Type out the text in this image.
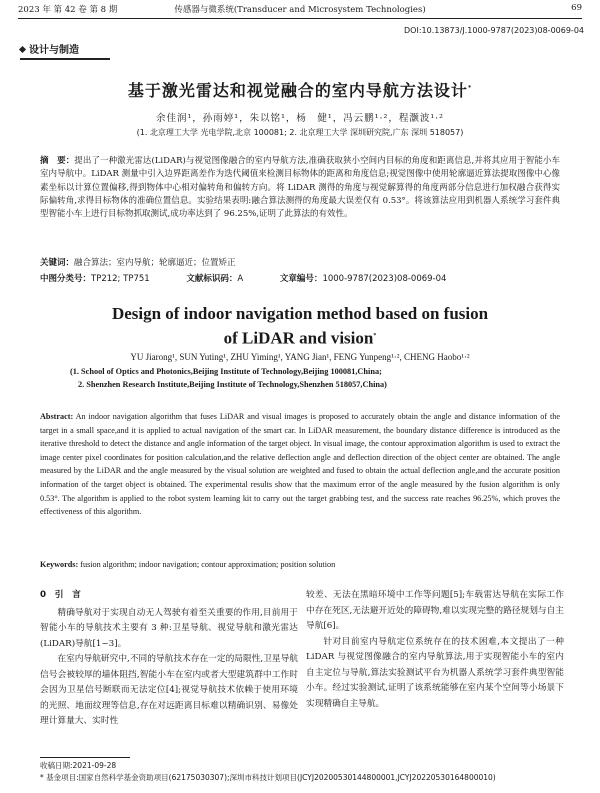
2023 年 第 42 卷 第 8 期	传感器与微系统(Transducer and Microsystem Technologies)	69
DOI:10.13873/J.1000-9787(2023)08-0069-04
设计与制造
基于激光雷达和视觉融合的室内导航方法设计*
余佳润¹，孙雨婷¹，朱以铭¹，杨　健¹，冯云鹏¹·²，程灏波¹·²
(1. 北京理工大学 光电学院,北京 100081; 2. 北京理工大学 深圳研究院,广东 深圳 518057)
摘　要：提出了一种激光雷达(LiDAR)与视觉图像融合的室内导航方法,准确获取狭小空间内目标的角度和距离信息,并将其应用于智能小车室内导航中。LiDAR 测量中引入边界距离差作为迭代阈值来检测目标物体的距离和角度信息;视觉图像中使用轮廓逼近算法提取图像中心像素坐标以计算位置偏移,得到物体中心相对偏转角和偏转方向。将 LiDAR 测得的角度与视觉解算得的角度两部分信息进行加权融合获得实际偏转角,求得目标物体的准确位置信息。实验结果表明:融合算法测得的角度最大误差仅有 0.53°。将该算法应用到机器人系统学习套件典型智能小车上进行目标物抓取测试,成功率达到了 96.25%,证明了此算法的有效性。
关键词：融合算法；室内导航；轮廓逼近；位置矫正
中图分类号：TP212; TP751	文献标识码：A	文章编号：1000-9787(2023)08-0069-04
Design of indoor navigation method based on fusion
of LiDAR and vision*
YU Jiarong¹, SUN Yuting¹, ZHU Yiming¹, YANG Jian¹, FENG Yunpeng¹·², CHENG Haobo¹·²
(1. School of Optics and Photonics,Beijing Institute of Technology,Beijing 100081,China;
2. Shenzhen Research Institute,Beijing Institute of Technology,Shenzhen 518057,China)
Abstract: An indoor navigation algorithm that fuses LiDAR and visual images is proposed to accurately obtain the angle and distance information of the target in a small space,and it is applied to actual navigation of the smart car. In LiDAR measurement, the boundary distance difference is introduced as the iterative threshold to detect the distance and angle information of the target object. In visual image, the contour approximation algorithm is used to extract the image center pixel coordinates for position calculation,and the relative deflection angle and deflection direction of the object center are obtained. The angle measured by the LiDAR and the angle measured by the visual solution are weighted and fused to obtain the actual deflection angle,and the accurate position information of the target object is obtained. The experimental results show that the maximum error of the angle measured by the fusion algorithm is only 0.53°. The algorithm is applied to the robot system learning kit to carry out the target grabbing test, and the success rate reaches 96.25%, which proves the effectiveness of this algorithm.
Keywords: fusion algorithm; indoor navigation; contour approximation; position solution
0　引　言

精确导航对于实现自动无人驾驶有着至关重要的作用,目前用于智能小车的导航技术主要有 3 种:卫星导航、视觉导航和激光雷达(LiDAR)导航[1~3]。

在室内导航研究中,不同的导航技术存在一定的局限性,卫星导航信号会被较厚的墙体阻挡,智能小车在室内或者大型建筑群中工作时会因为卫星信号断联而无法定位[4];视觉导航技术依赖于使用环境的光照、地面纹理等信息,存在对远距离目标难以精确识别、易像处理计算量大、实时性

较差、无法在黑暗环境中工作等问题[5];车载雷达导航在实际工作中存在死区,无法避开近处的障碍物,难以实现完整的路径规划与自主导航[6]。

针对目前室内导航定位系统存在的技术困难,本文提出了一种 LiDAR 与视觉图像融合的室内导航算法,用于实现智能小车的室内自主定位与导航,算法实验测试平台为机器人系统学习套件典型智能小车。经过实验测试,证明了该系统能够在室内某个空间等小场景下实现精确自主导航。

收稿日期:2021-09-28
* 基金项目:国家自然科学基金资助项目(62175030307);深圳市科技计划项目(JCYJ20200530144800001,JCYJ20220530164800010)
